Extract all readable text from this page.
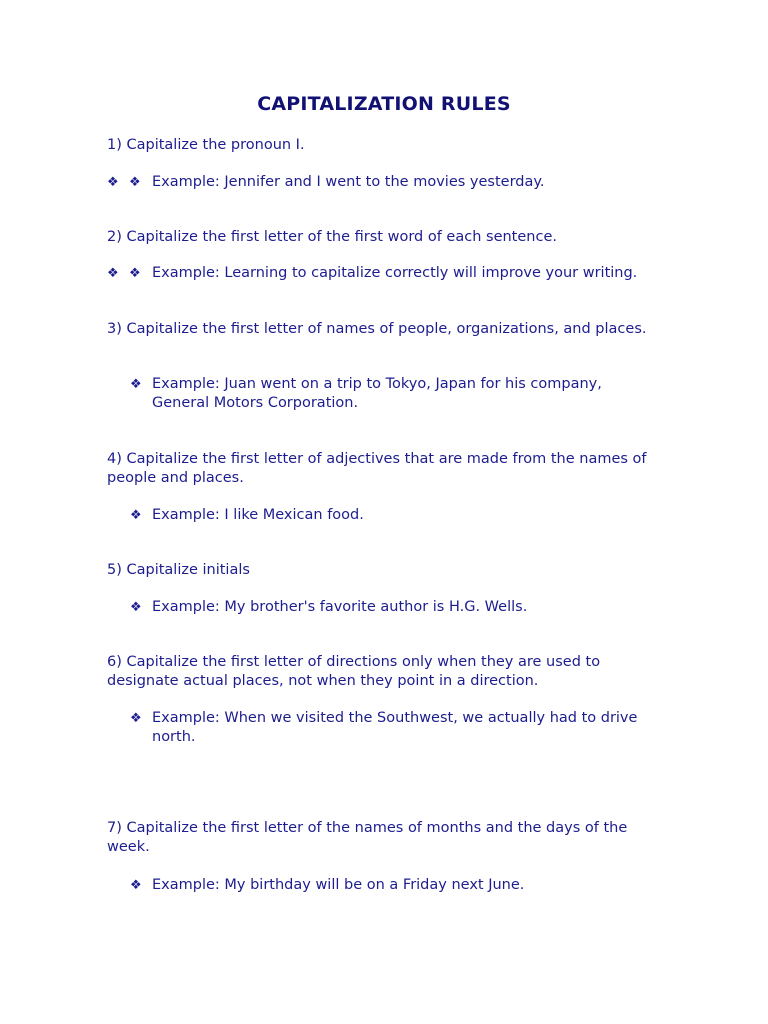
CAPITALIZATION RULES

1) Capitalize the pronoun I.

❖ ❖ Example: Jennifer and I went to the movies yesterday.

2) Capitalize the first letter of the first word of each sentence.

❖ ❖ Example: Learning to capitalize correctly will improve your writing.

3) Capitalize the first letter of names of people, organizations, and places.

❖ Example: Juan went on a trip to Tokyo, Japan for his company, General Motors Corporation.

4) Capitalize the first letter of adjectives that are made from the names of people and places.

❖ Example: I like Mexican food.

5) Capitalize initials

❖ Example: My brother's favorite author is H.G. Wells.

6) Capitalize the first letter of directions only when they are used to designate actual places, not when they point in a direction.

❖ Example: When we visited the Southwest, we actually had to drive north.

7) Capitalize the first letter of the names of months and the days of the week.

❖ Example: My birthday will be on a Friday next June.
